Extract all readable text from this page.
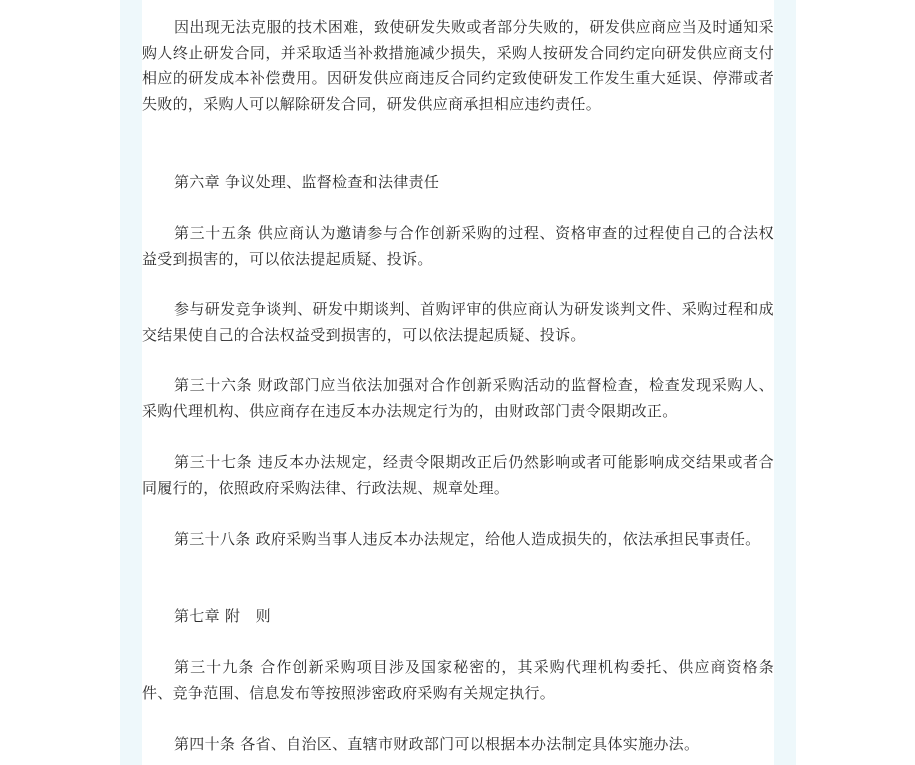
因出现无法克服的技术困难，致使研发失败或者部分失败的，研发供应商应当及时通知采购人终止研发合同，并采取适当补救措施减少损失，采购人按研发合同约定向研发供应商支付相应的研发成本补偿费用。因研发供应商违反合同约定致使研发工作发生重大延误、停滞或者失败的，采购人可以解除研发合同，研发供应商承担相应违约责任。

第六章 争议处理、监督检查和法律责任

第三十五条 供应商认为邀请参与合作创新采购的过程、资格审查的过程使自己的合法权益受到损害的，可以依法提起质疑、投诉。

参与研发竞争谈判、研发中期谈判、首购评审的供应商认为研发谈判文件、采购过程和成交结果使自己的合法权益受到损害的，可以依法提起质疑、投诉。

第三十六条 财政部门应当依法加强对合作创新采购活动的监督检查，检查发现采购人、采购代理机构、供应商存在违反本办法规定行为的，由财政部门责令限期改正。

第三十七条 违反本办法规定，经责令限期改正后仍然影响或者可能影响成交结果或者合同履行的，依照政府采购法律、行政法规、规章处理。

第三十八条 政府采购当事人违反本办法规定，给他人造成损失的，依法承担民事责任。

第七章 附　则

第三十九条 合作创新采购项目涉及国家秘密的，其采购代理机构委托、供应商资格条件、竞争范围、信息发布等按照涉密政府采购有关规定执行。

第四十条 各省、自治区、直辖市财政部门可以根据本办法制定具体实施办法。
